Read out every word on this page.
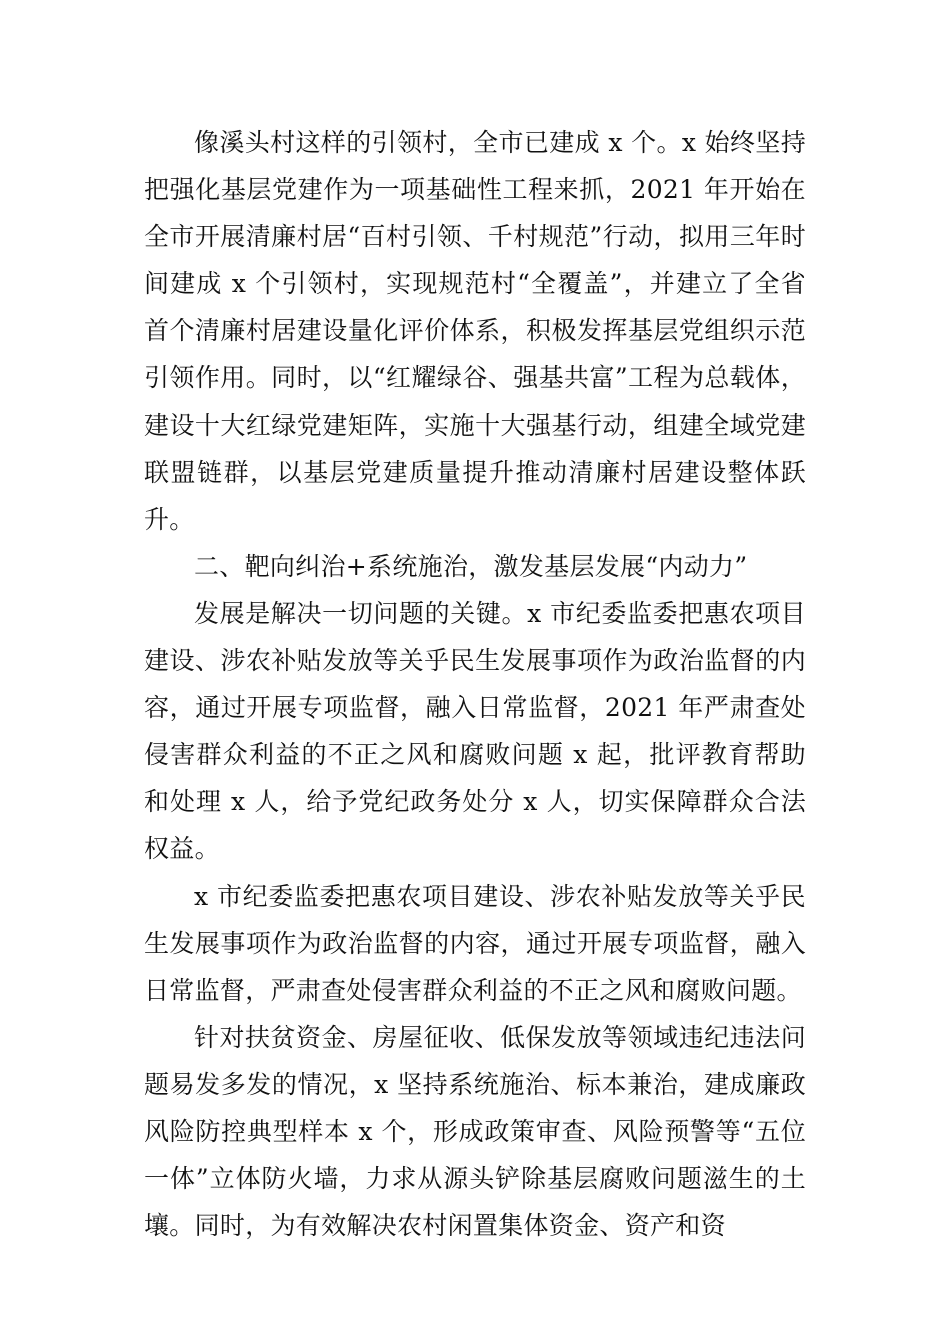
像溪头村这样的引领村，全市已建成 x 个。x 始终坚持把强化基层党建作为一项基础性工程来抓，2021 年开始在全市开展清廉村居“百村引领、千村规范”行动，拟用三年时间建成 x 个引领村，实现规范村“全覆盖”，并建立了全省首个清廉村居建设量化评价体系，积极发挥基层党组织示范引领作用。同时，以“红耀绿谷、强基共富”工程为总载体，建设十大红绿党建矩阵，实施十大强基行动，组建全域党建联盟链群，以基层党建质量提升推动清廉村居建设整体跃升。

二、靶向纠治+系统施治，激发基层发展“内动力”

发展是解决一切问题的关键。x 市纪委监委把惠农项目建设、涉农补贴发放等关乎民生发展事项作为政治监督的内容，通过开展专项监督，融入日常监督，2021 年严肃查处侵害群众利益的不正之风和腐败问题 x 起，批评教育帮助和处理 x 人，给予党纪政务处分 x 人，切实保障群众合法权益。

x 市纪委监委把惠农项目建设、涉农补贴发放等关乎民生发展事项作为政治监督的内容，通过开展专项监督，融入日常监督，严肃查处侵害群众利益的不正之风和腐败问题。

针对扶贫资金、房屋征收、低保发放等领域违纪违法问题易发多发的情况，x 坚持系统施治、标本兼治，建成廉政风险防控典型样本 x 个，形成政策审查、风险预警等“五位一体”立体防火墙，力求从源头铲除基层腐败问题滋生的土壤。同时，为有效解决农村闲置集体资金、资产和资
